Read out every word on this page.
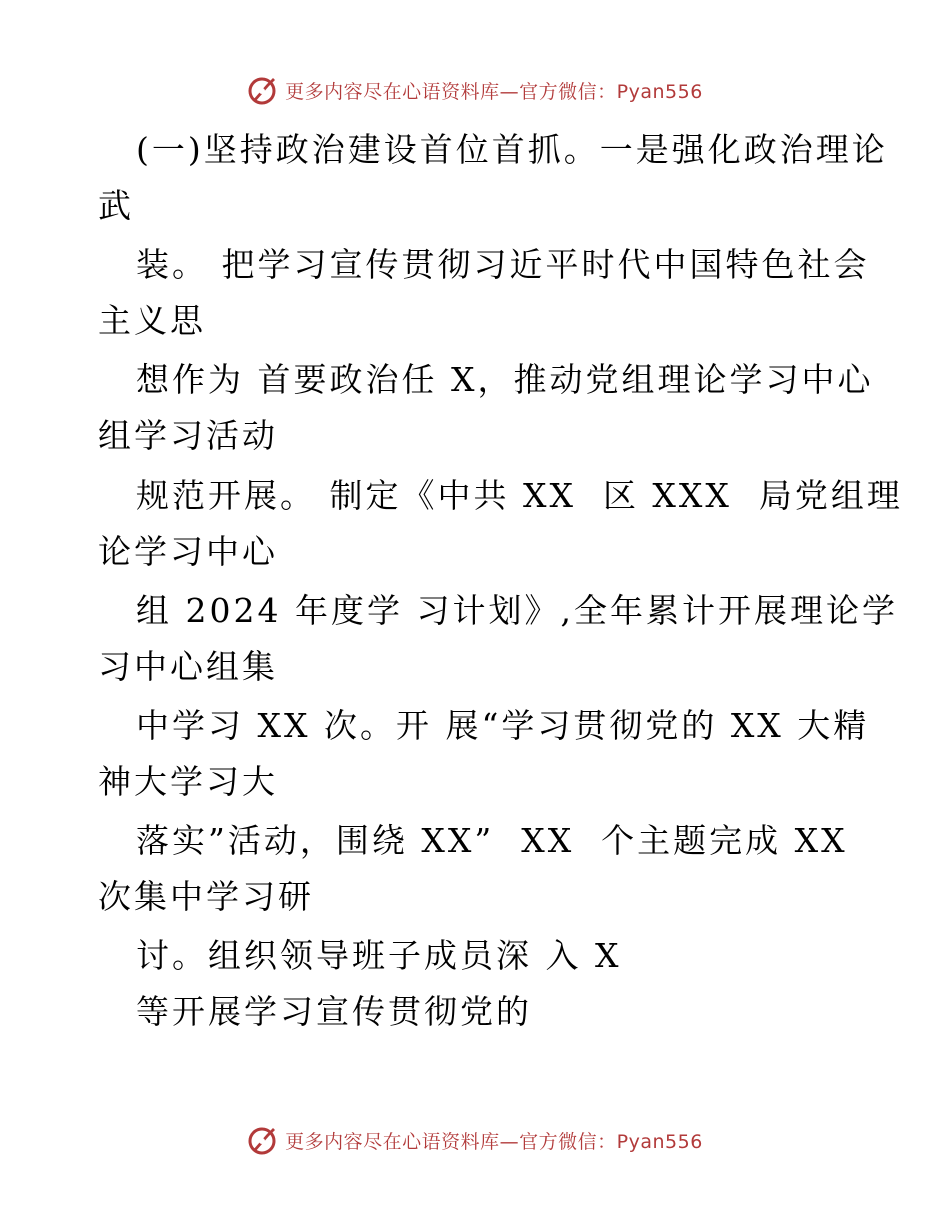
更多内容尽在心语资料库—官方微信：Pyan556
(一)坚持政治建设首位首抓。一是强化政治理论
武
装。 把学习宣传贯彻习近平时代中国特色社会
主义思
想作为 首要政治任 X，推动党组理论学习中心
组学习活动
规范开展。 制定《中共 XX  区 XXX  局党组理
论学习中心
组 2024 年度学 习计划》,全年累计开展理论学
习中心组集
中学习 XX 次。开 展“学习贯彻党的 XX 大精
神大学习大
落实”活动，围绕 XX”  XX  个主题完成 XX
次集中学习研
讨。组织领导班子成员深 入 X
等开展学习宣传贯彻党的
更多内容尽在心语资料库—官方微信：Pyan556
